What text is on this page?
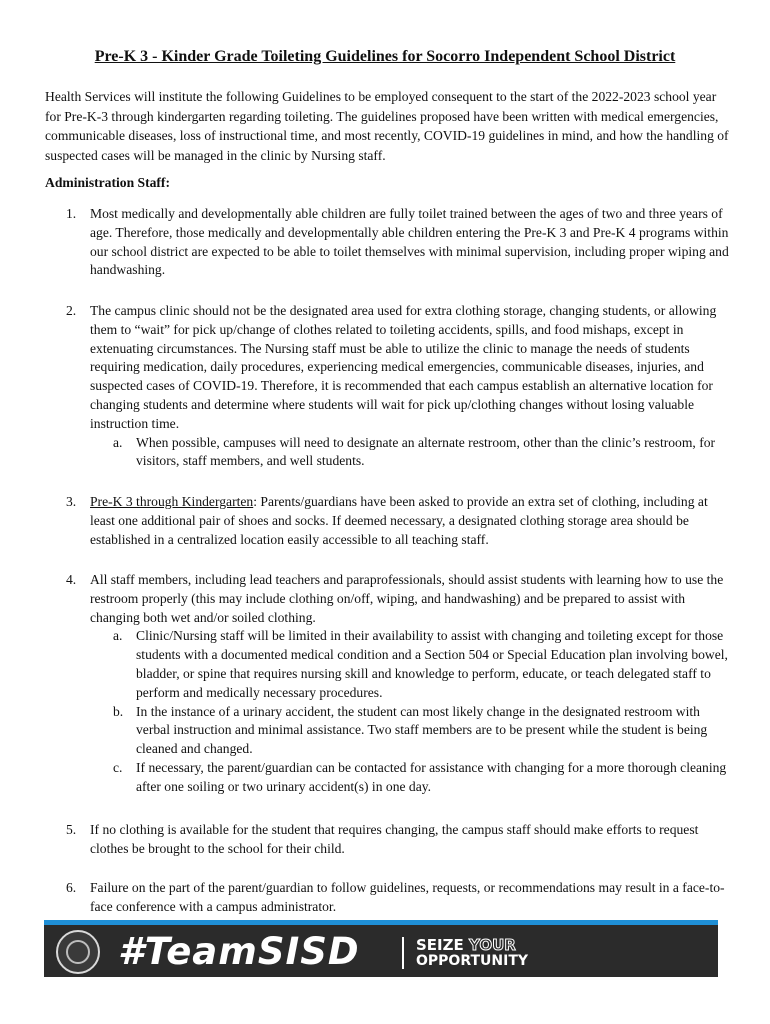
Pre-K 3 - Kinder Grade Toileting Guidelines for Socorro Independent School District
Health Services will institute the following Guidelines to be employed consequent to the start of the 2022-2023 school year for Pre-K-3 through kindergarten regarding toileting. The guidelines proposed have been written with medical emergencies, communicable diseases, loss of instructional time, and most recently, COVID-19 guidelines in mind, and how the handling of suspected cases will be managed in the clinic by Nursing staff.
Administration Staff:
1. Most medically and developmentally able children are fully toilet trained between the ages of two and three years of age. Therefore, those medically and developmentally able children entering the Pre-K 3 and Pre-K 4 programs within our school district are expected to be able to toilet themselves with minimal supervision, including proper wiping and handwashing.
2. The campus clinic should not be the designated area used for extra clothing storage, changing students, or allowing them to “wait” for pick up/change of clothes related to toileting accidents, spills, and food mishaps, except in extenuating circumstances. The Nursing staff must be able to utilize the clinic to manage the needs of students requiring medication, daily procedures, experiencing medical emergencies, communicable diseases, injuries, and suspected cases of COVID-19. Therefore, it is recommended that each campus establish an alternative location for changing students and determine where students will wait for pick up/clothing changes without losing valuable instruction time.
a. When possible, campuses will need to designate an alternate restroom, other than the clinic’s restroom, for visitors, staff members, and well students.
3. Pre-K 3 through Kindergarten: Parents/guardians have been asked to provide an extra set of clothing, including at least one additional pair of shoes and socks. If deemed necessary, a designated clothing storage area should be established in a centralized location easily accessible to all teaching staff.
4. All staff members, including lead teachers and paraprofessionals, should assist students with learning how to use the restroom properly (this may include clothing on/off, wiping, and handwashing) and be prepared to assist with changing both wet and/or soiled clothing.
a. Clinic/Nursing staff will be limited in their availability to assist with changing and toileting except for those students with a documented medical condition and a Section 504 or Special Education plan involving bowel, bladder, or spine that requires nursing skill and knowledge to perform, educate, or teach delegated staff to perform and medically necessary procedures.
b. In the instance of a urinary accident, the student can most likely change in the designated restroom with verbal instruction and minimal assistance. Two staff members are to be present while the student is being cleaned and changed.
c. If necessary, the parent/guardian can be contacted for assistance with changing for a more thorough cleaning after one soiling or two urinary accident(s) in one day.
5. If no clothing is available for the student that requires changing, the campus staff should make efforts to request clothes be brought to the school for their child.
6. Failure on the part of the parent/guardian to follow guidelines, requests, or recommendations may result in a face-to-face conference with a campus administrator.
#TeamSISD	SEIZE YOUR
OPPORTUNITY
